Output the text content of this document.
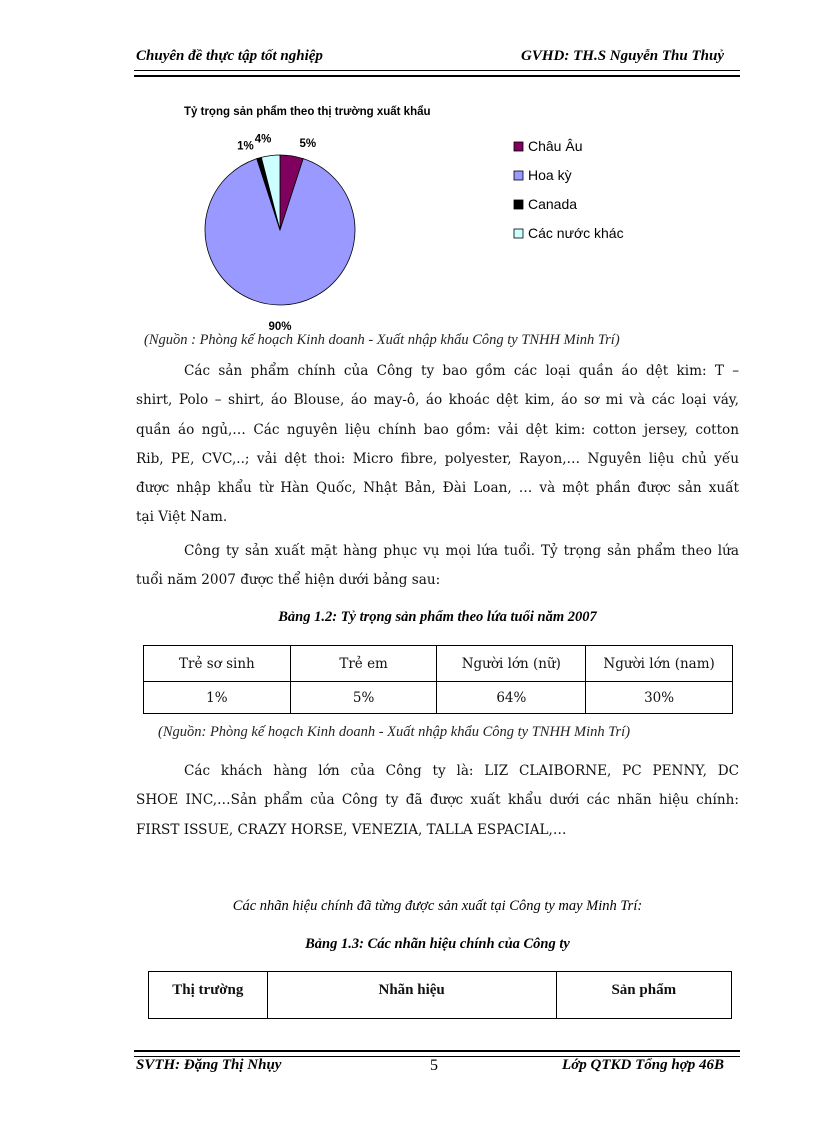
Chuyên đề thực tập tốt nghiệp	GVHD: TH.S Nguyễn Thu Thuỷ
Tỷ trọng sản phẩm theo thị trường xuất khẩu
5%
90%
1%
4%	Châu Âu
Hoa kỳ
Canada
Các nước khác
(Nguồn : Phòng kế hoạch Kinh doanh - Xuất nhập khẩu Công ty TNHH Minh Trí)
Các sản phẩm chính của Công ty bao gồm các loại quần áo dệt kim: T –
shirt, Polo – shirt, áo Blouse, áo may-ô, áo khoác dệt kim, áo sơ mi và các loại váy,
quần áo ngủ,… Các nguyên liệu chính bao gồm: vải dệt kim: cotton jersey, cotton
Rib, PE, CVC,..; vải dệt thoi: Micro fibre, polyester, Rayon,… Nguyên liệu chủ yếu
được nhập khẩu từ Hàn Quốc, Nhật Bản, Đài Loan, … và một phần được sản xuất
tại Việt Nam.
Công ty sản xuất mặt hàng phục vụ mọi lứa tuổi. Tỷ trọng sản phẩm theo lứa
tuổi năm 2007 được thể hiện dưới bảng sau:
Bảng 1.2: Tỷ trọng sản phẩm theo lứa tuổi năm 2007
Trẻ sơ sinh	Trẻ em	Người lớn (nữ)	Người lớn (nam)
1%	5%	64%	30%
(Nguồn: Phòng kế hoạch Kinh doanh - Xuất nhập khẩu Công ty TNHH Minh Trí)
Các khách hàng lớn của Công ty là: LIZ CLAIBORNE, PC PENNY, DC
SHOE INC,…Sản phẩm của Công ty đã được xuất khẩu dưới các nhãn hiệu chính:
FIRST ISSUE, CRAZY HORSE, VENEZIA, TALLA ESPACIAL,…
Các nhãn hiệu chính đã từng được sản xuất tại Công ty may Minh Trí:
Bảng 1.3: Các nhãn hiệu chính của Công ty
Thị trường	Nhãn hiệu	Sản phẩm
SVTH: Đặng Thị Nhụy	5	Lớp QTKD Tổng hợp 46B
